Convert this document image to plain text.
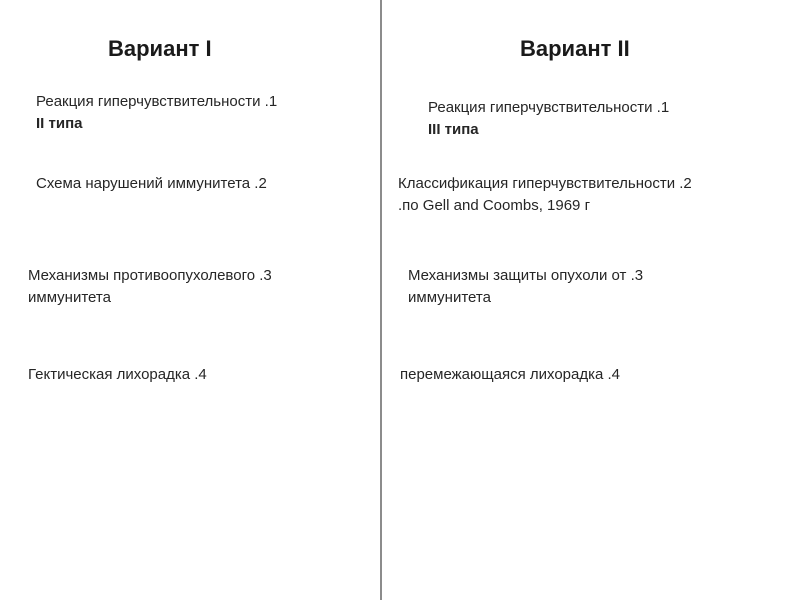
Вариант I
Реакция гиперчувствительности .1
II типа
Схема нарушений иммунитета .2
Механизмы противоопухолевого .3
иммунитета
Гектическая лихорадка .4
Вариант II
Реакция гиперчувствительности .1
III типа
Классификация гиперчувствительности .2
.по Gell and Coombs, 1969 г
Механизмы защиты опухоли от .3
иммунитета
перемежающаяся лихорадка .4
